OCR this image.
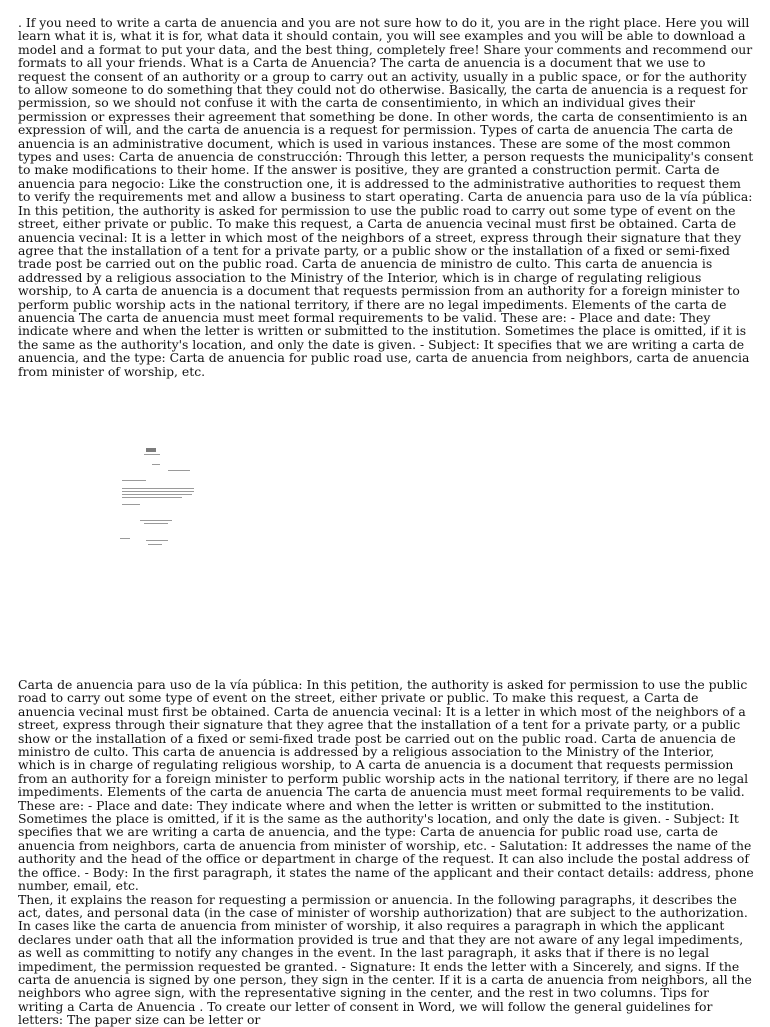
. If you need to write a carta de anuencia and you are not sure how to do it, you are in the right place. Here you will learn what it is, what it is for, what data it should contain, you will see examples and you will be able to download a model and a format to put your data, and the best thing, completely free! Share your comments and recommend our formats to all your friends. What is a Carta de Anuencia? The carta de anuencia is a document that we use to request the consent of an authority or a group to carry out an activity, usually in a public space, or for the authority to allow someone to do something that they could not do otherwise. Basically, the carta de anuencia is a request for permission, so we should not confuse it with the carta de consentimiento, in which an individual gives their permission or expresses their agreement that something be done. In other words, the carta de consentimiento is an expression of will, and the carta de anuencia is a request for permission. Types of carta de anuencia The carta de anuencia is an administrative document, which is used in various instances. These are some of the most common types and uses: Carta de anuencia de construcción: Through this letter, a person requests the municipality's consent to make modifications to their home. If the answer is positive, they are granted a construction permit. Carta de anuencia para negocio: Like the construction one, it is addressed to the administrative authorities to request them to verify the requirements met and allow a business to start operating. Carta de anuencia para uso de la vía pública: In this petition, the authority is asked for permission to use the public road to carry out some type of event on the street, either private or public. To make this request, a Carta de anuencia vecinal must first be obtained. Carta de anuencia vecinal: It is a letter in which most of the neighbors of a street, express through their signature that they agree that the installation of a tent for a private party, or a public show or the installation of a fixed or semi-fixed trade post be carried out on the public road. Carta de anuencia de ministro de culto. This carta de anuencia is addressed by a religious association to the Ministry of the Interior, which is in charge of regulating religious worship, to A carta de anuencia is a document that requests permission from an authority for a foreign minister to perform public worship acts in the national territory, if there are no legal impediments. Elements of the carta de anuencia The carta de anuencia must meet formal requirements to be valid. These are: - Place and date: They indicate where and when the letter is written or submitted to the institution. Sometimes the place is omitted, if it is the same as the authority's location, and only the date is given. - Subject: It specifies that we are writing a carta de anuencia, and the type: Carta de anuencia for public road use, carta de anuencia from neighbors, carta de anuencia from minister of worship, etc.

Carta de anuencia para uso de la vía pública: In this petition, the authority is asked for permission to use the public road to carry out some type of event on the street, either private or public. To make this request, a Carta de anuencia vecinal must first be obtained. Carta de anuencia vecinal: It is a letter in which most of the neighbors of a street, express through their signature that they agree that the installation of a tent for a private party, or a public show or the installation of a fixed or semi-fixed trade post be carried out on the public road. Carta de anuencia de ministro de culto. This carta de anuencia is addressed by a religious association to the Ministry of the Interior, which is in charge of regulating religious worship, to A carta de anuencia is a document that requests permission from an authority for a foreign minister to perform public worship acts in the national territory, if there are no legal impediments. Elements of the carta de anuencia The carta de anuencia must meet formal requirements to be valid. These are: - Place and date: They indicate where and when the letter is written or submitted to the institution. Sometimes the place is omitted, if it is the same as the authority's location, and only the date is given. - Subject: It specifies that we are writing a carta de anuencia, and the type: Carta de anuencia for public road use, carta de anuencia from neighbors, carta de anuencia from minister of worship, etc. - Salutation: It addresses the name of the authority and the head of the office or department in charge of the request. It can also include the postal address of the office. - Body: In the first paragraph, it states the name of the applicant and their contact details: address, phone number, email, etc.
Then, it explains the reason for requesting a permission or anuencia. In the following paragraphs, it describes the act, dates, and personal data (in the case of minister of worship authorization) that are subject to the authorization. In cases like the carta de anuencia from minister of worship, it also requires a paragraph in which the applicant declares under oath that all the information provided is true and that they are not aware of any legal impediments, as well as committing to notify any changes in the event. In the last paragraph, it asks that if there is no legal impediment, the permission requested be granted. - Signature: It ends the letter with a Sincerely, and signs. If the carta de anuencia is signed by one person, they sign in the center. If it is a carta de anuencia from neighbors, all the neighbors who agree sign, with the representative signing in the center, and the rest in two columns. Tips for writing a Carta de Anuencia . To create our letter of consent in Word, we will follow the general guidelines for letters: The paper size can be letter or
